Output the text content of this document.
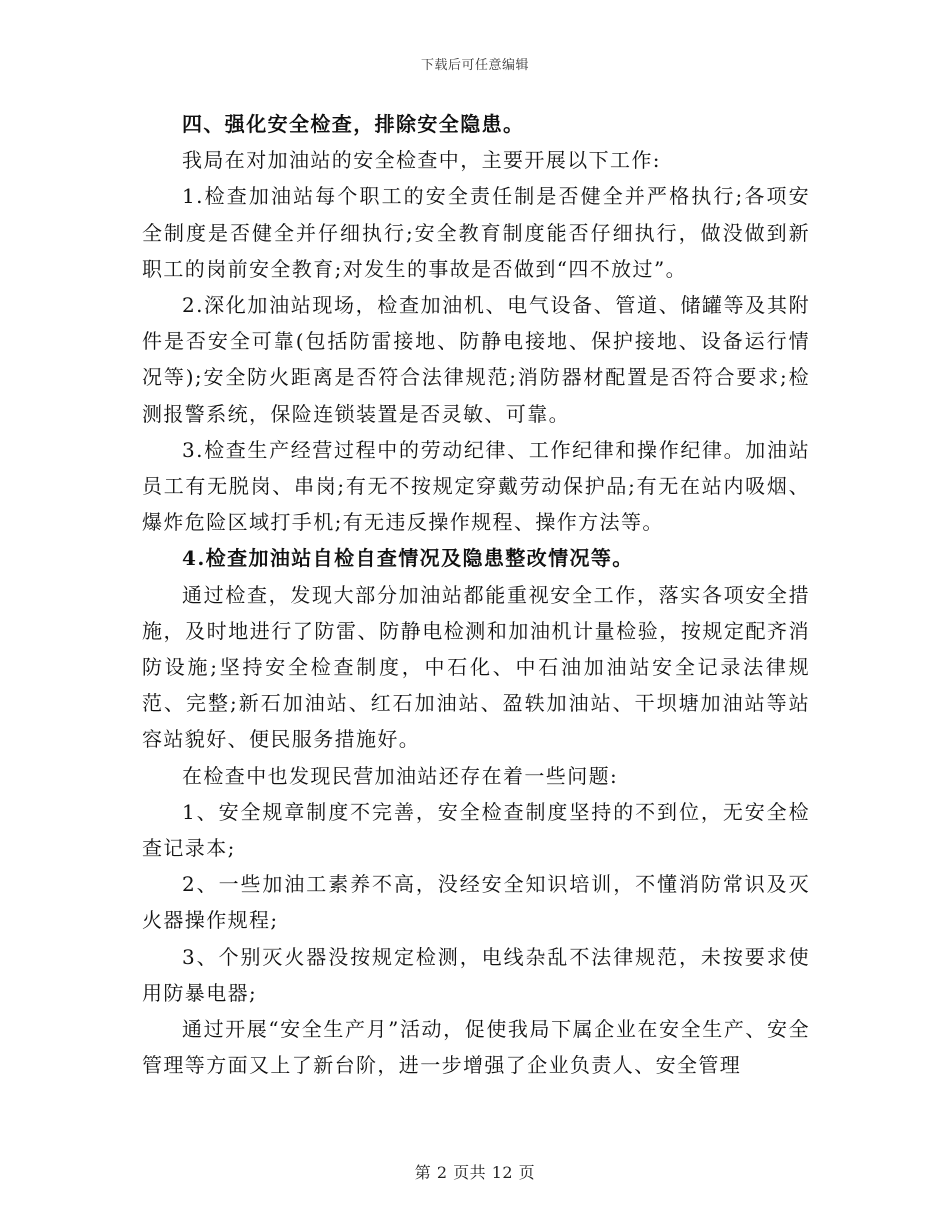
下载后可任意编辑

四、强化安全检查，排除安全隐患。

我局在对加油站的安全检查中，主要开展以下工作:

1.检查加油站每个职工的安全责任制是否健全并严格执行;各项安全制度是否健全并仔细执行;安全教育制度能否仔细执行，做没做到新职工的岗前安全教育;对发生的事故是否做到“四不放过”。

2.深化加油站现场，检查加油机、电气设备、管道、储罐等及其附件是否安全可靠(包括防雷接地、防静电接地、保护接地、设备运行情况等);安全防火距离是否符合法律规范;消防器材配置是否符合要求;检测报警系统，保险连锁装置是否灵敏、可靠。

3.检查生产经营过程中的劳动纪律、工作纪律和操作纪律。加油站员工有无脱岗、串岗;有无不按规定穿戴劳动保护品;有无在站内吸烟、爆炸危险区域打手机;有无违反操作规程、操作方法等。

4.检查加油站自检自查情况及隐患整改情况等。

通过检查，发现大部分加油站都能重视安全工作，落实各项安全措施，及时地进行了防雷、防静电检测和加油机计量检验，按规定配齐消防设施;坚持安全检查制度，中石化、中石油加油站安全记录法律规范、完整;新石加油站、红石加油站、盈轶加油站、干坝塘加油站等站容站貌好、便民服务措施好。

在检查中也发现民营加油站还存在着一些问题:

1、安全规章制度不完善，安全检查制度坚持的不到位，无安全检查记录本;

2、一些加油工素养不高，没经安全知识培训，不懂消防常识及灭火器操作规程;

3、个别灭火器没按规定检测，电线杂乱不法律规范，未按要求使用防暴电器;

通过开展“安全生产月”活动，促使我局下属企业在安全生产、安全管理等方面又上了新台阶，进一步增强了企业负责人、安全管理

第 2 页共 12 页
